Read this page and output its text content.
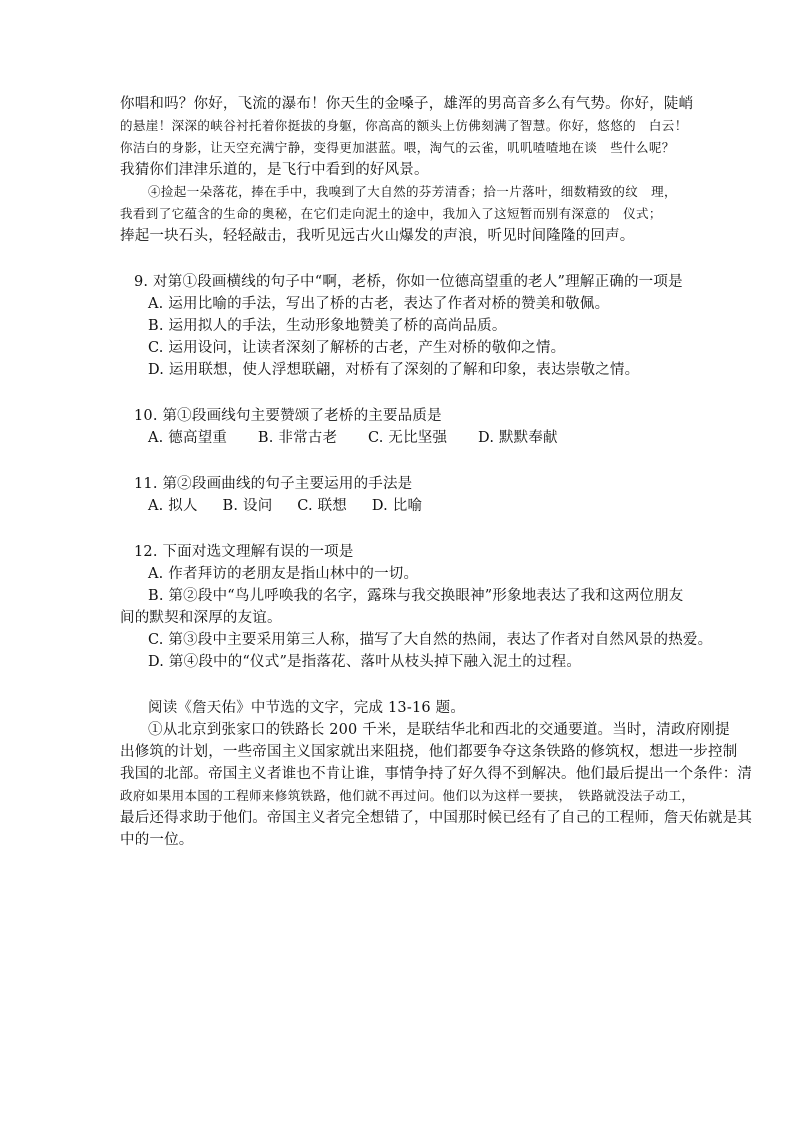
你唱和吗？你好，飞流的瀑布！你天生的金嗓子，雄浑的男高音多么有气势。你好，陡峭
的悬崖！深深的峡谷衬托着你挺拔的身躯，你高高的额头上仿佛刻满了智慧。你好，悠悠的　白云！
你洁白的身影，让天空充满宁静，变得更加湛蓝。喂，淘气的云雀，叽叽喳喳地在谈　些什么呢？
我猜你们津津乐道的，是飞行中看到的好风景。
④捡起一朵落花，捧在手中，我嗅到了大自然的芬芳清香；拾一片落叶，细数精致的纹　理，
我看到了它蕴含的生命的奥秘，在它们走向泥土的途中，我加入了这短暂而别有深意的　仪式；
捧起一块石头，轻轻敲击，我听见远古火山爆发的声浪，听见时间隆隆的回声。
9. 对第①段画横线的句子中“啊，老桥，你如一位德高望重的老人”理解正确的一项是
A. 运用比喻的手法，写出了桥的古老，表达了作者对桥的赞美和敬佩。
B. 运用拟人的手法，生动形象地赞美了桥的高尚品质。
C. 运用设问，让读者深刻了解桥的古老，产生对桥的敬仰之情。
D. 运用联想，使人浮想联翩，对桥有了深刻的了解和印象，表达崇敬之情。
10. 第①段画线句主要赞颂了老桥的主要品质是
A. 德高望重 B. 非常古老 C. 无比坚强 D. 默默奉献
11. 第②段画曲线的句子主要运用的手法是
A. 拟人 B. 设问 C. 联想 D. 比喻
12. 下面对选文理解有误的一项是
A. 作者拜访的老朋友是指山林中的一切。
B. 第②段中“鸟儿呼唤我的名字，露珠与我交换眼神”形象地表达了我和这两位朋友
间的默契和深厚的友谊。
C. 第③段中主要采用第三人称，描写了大自然的热闹，表达了作者对自然风景的热爱。
D. 第④段中的“仪式”是指落花、落叶从枝头掉下融入泥土的过程。
阅读《詹天佑》中节选的文字，完成 13-16 题。
①从北京到张家口的铁路长 200 千米，是联结华北和西北的交通要道。当时，清政府刚提
出修筑的计划，一些帝国主义国家就出来阻挠，他们都要争夺这条铁路的修筑权，想进一步控制
我国的北部。帝国主义者谁也不肯让谁，事情争持了好久得不到解决。他们最后提出一个条件：清
政府如果用本国的工程师来修筑铁路，他们就不再过问。他们以为这样一要挟，　铁路就没法子动工，
最后还得求助于他们。帝国主义者完全想错了，中国那时候已经有了自己的工程师，詹天佑就是其
中的一位。
